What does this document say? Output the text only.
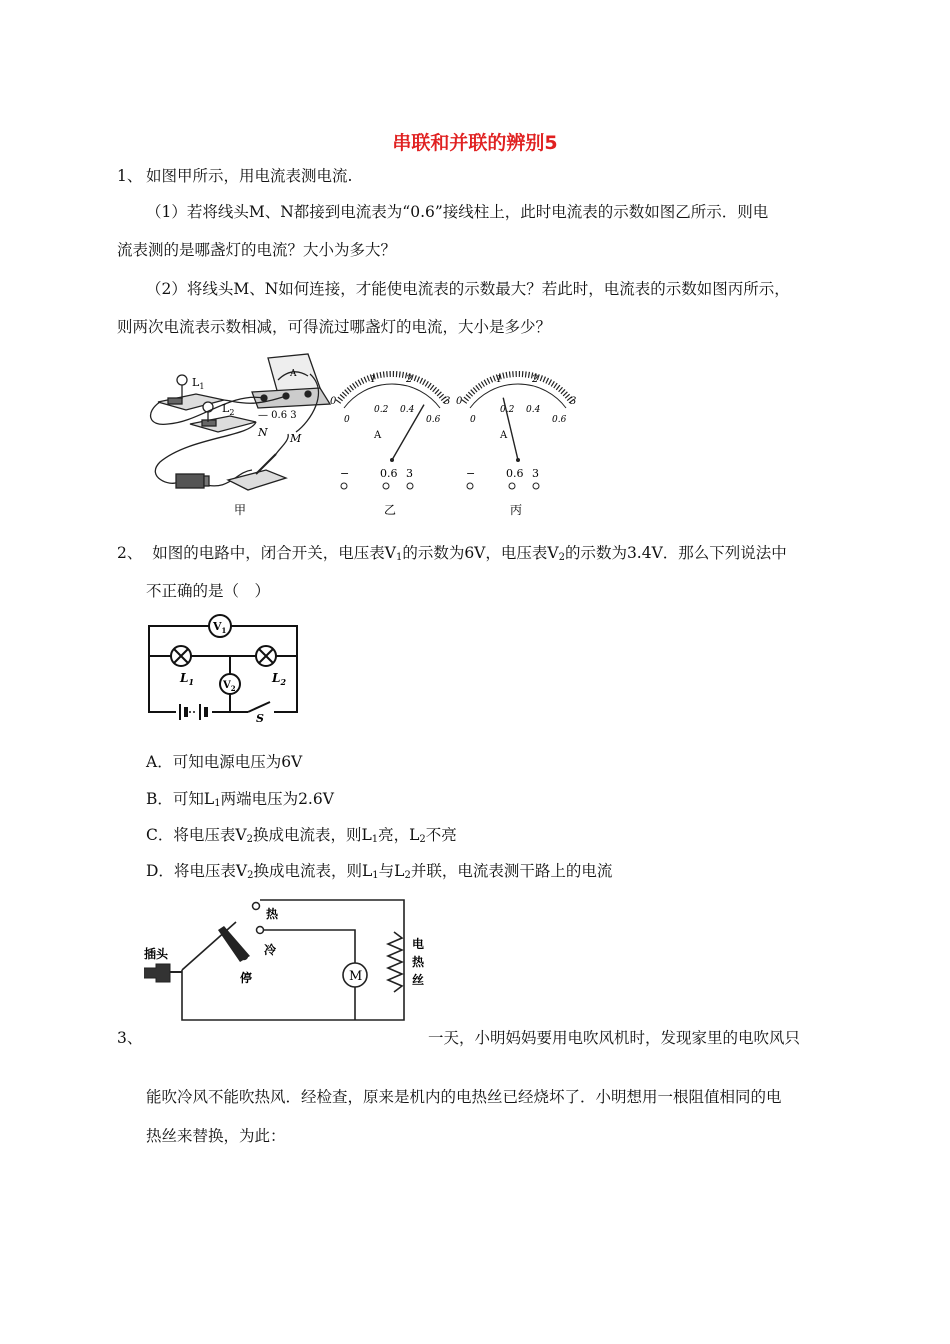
串联和并联的辨别5
1、 如图甲所示，用电流表测电流.
（1）若将线头M、N都接到电流表为“0.6”接线柱上，此时电流表的示数如图乙所示．则电
流表测的是哪盏灯的电流？大小为多大？
（2）将线头M、N如何连接，才能使电流表的示数最大？若此时，电流表的示数如图丙所示，
则两次电流表示数相减，可得流过哪盏灯的电流，大小是多少？
$L_1$
$L_2$
M
N
A
— 0.6 3
甲
0
1	2
3
0
0.2 0.4
0.6
A
−	0.6 3
乙
0
1	2
3
0
0.2 0.4
0.6
A
−	0.6 3
丙
2、 如图的电路中，闭合开关，电压表$V_1$的示数为6V，电压表$V_2$的示数为3.4V．那么下列说法中
不正确的是（　）
$V_1$
$V_2$
$L_1$	$L_2$
S
A．可知电源电压为6V
B．可知$L_1$两端电压为2.6V
C．将电压表$V_2$换成电流表，则$L_1$亮，$L_2$不亮
D．将电压表$V_2$换成电流表，则$L_1$与$L_2$并联，电流表测干路上的电流
M
插头
热
冷
停
电
热
丝
3、	一天，小明妈妈要用电吹风机时，发现家里的电吹风只
能吹冷风不能吹热风．经检查，原来是机内的电热丝已经烧坏了．小明想用一根阻值相同的电
热丝来替换，为此：
